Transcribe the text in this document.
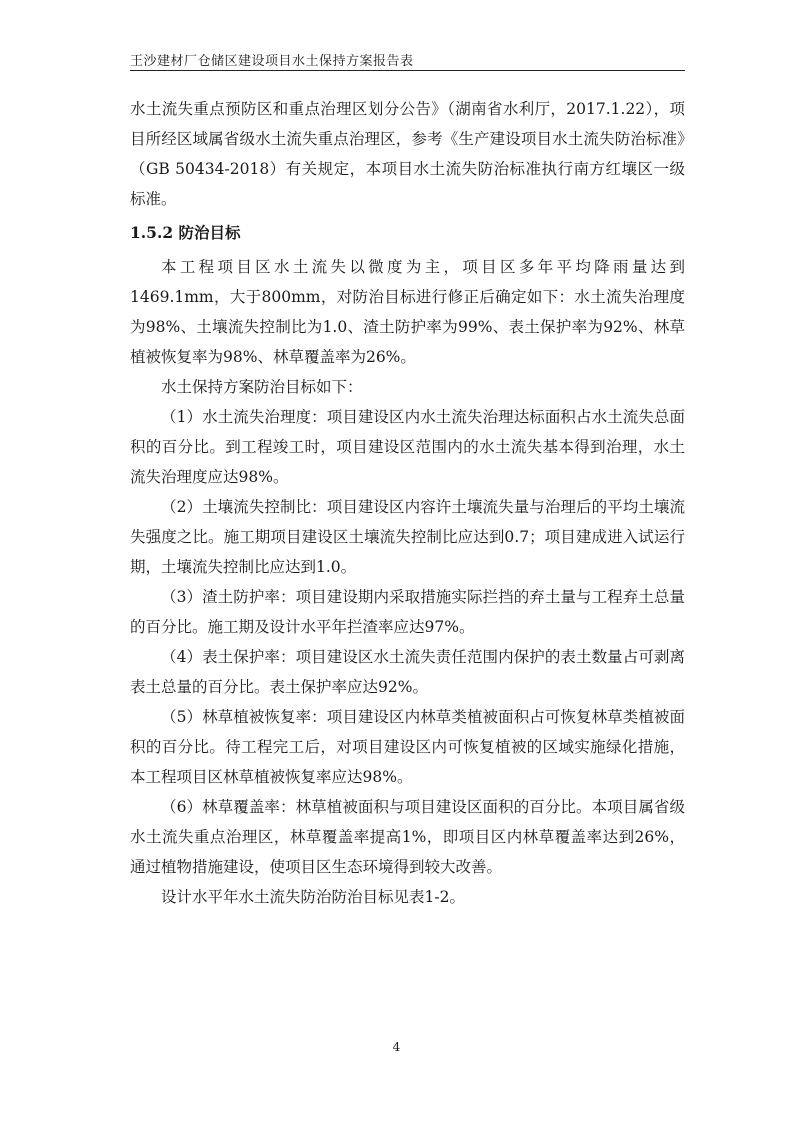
王沙建材厂仓储区建设项目水土保持方案报告表

水土流失重点预防区和重点治理区划分公告》（湖南省水利厅，2017.1.22），项目所经区域属省级水土流失重点治理区，参考《生产建设项目水土流失防治标准》（GB 50434-2018）有关规定，本项目水土流失防治标准执行南方红壤区一级标准。

1.5.2 防治目标

本工程项目区水土流失以微度为主，项目区多年平均降雨量达到1469.1mm，大于800mm，对防治目标进行修正后确定如下：水土流失治理度为98%、土壤流失控制比为1.0、渣土防护率为99%、表土保护率为92%、林草植被恢复率为98%、林草覆盖率为26%。

水土保持方案防治目标如下：

（1）水土流失治理度：项目建设区内水土流失治理达标面积占水土流失总面积的百分比。到工程竣工时，项目建设区范围内的水土流失基本得到治理，水土流失治理度应达98%。

（2）土壤流失控制比：项目建设区内容许土壤流失量与治理后的平均土壤流失强度之比。施工期项目建设区土壤流失控制比应达到0.7；项目建成进入试运行期，土壤流失控制比应达到1.0。

（3）渣土防护率：项目建设期内采取措施实际拦挡的弃土量与工程弃土总量的百分比。施工期及设计水平年拦渣率应达97%。

（4）表土保护率：项目建设区水土流失责任范围内保护的表土数量占可剥离表土总量的百分比。表土保护率应达92%。

（5）林草植被恢复率：项目建设区内林草类植被面积占可恢复林草类植被面积的百分比。待工程完工后，对项目建设区内可恢复植被的区域实施绿化措施，本工程项目区林草植被恢复率应达98%。

（6）林草覆盖率：林草植被面积与项目建设区面积的百分比。本项目属省级水土流失重点治理区，林草覆盖率提高1%，即项目区内林草覆盖率达到26%，通过植物措施建设，使项目区生态环境得到较大改善。

设计水平年水土流失防治防治目标见表1-2。

4
